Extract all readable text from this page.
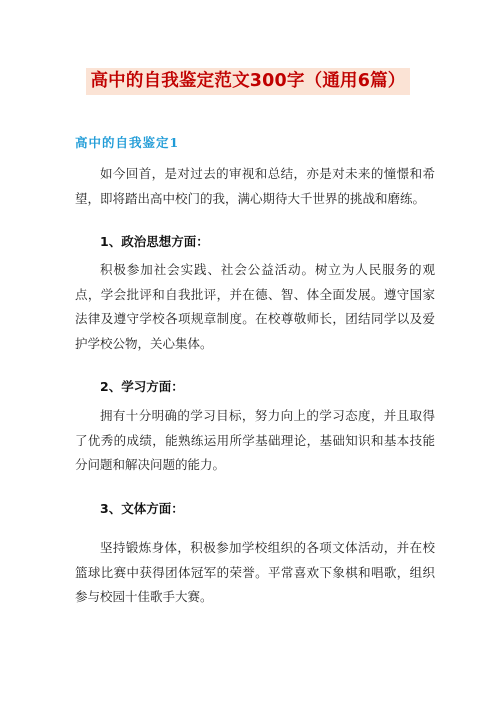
高中的自我鉴定范文300字（通用6篇）
高中的自我鉴定1

如今回首，是对过去的审视和总结，亦是对未来的憧憬和希望，即将踏出高中校门的我，满心期待大千世界的挑战和磨练。

1、政治思想方面：

积极参加社会实践、社会公益活动。树立为人民服务的观点，学会批评和自我批评，并在德、智、体全面发展。遵守国家法律及遵守学校各项规章制度。在校尊敬师长，团结同学以及爱护学校公物，关心集体。

2、学习方面：

拥有十分明确的学习目标，努力向上的学习态度，并且取得了优秀的成绩，能熟练运用所学基础理论，基础知识和基本技能分问题和解决问题的能力。

3、文体方面：

坚持锻炼身体，积极参加学校组织的各项文体活动，并在校篮球比赛中获得团体冠军的荣誉。平常喜欢下象棋和唱歌，组织参与校园十佳歌手大赛。
